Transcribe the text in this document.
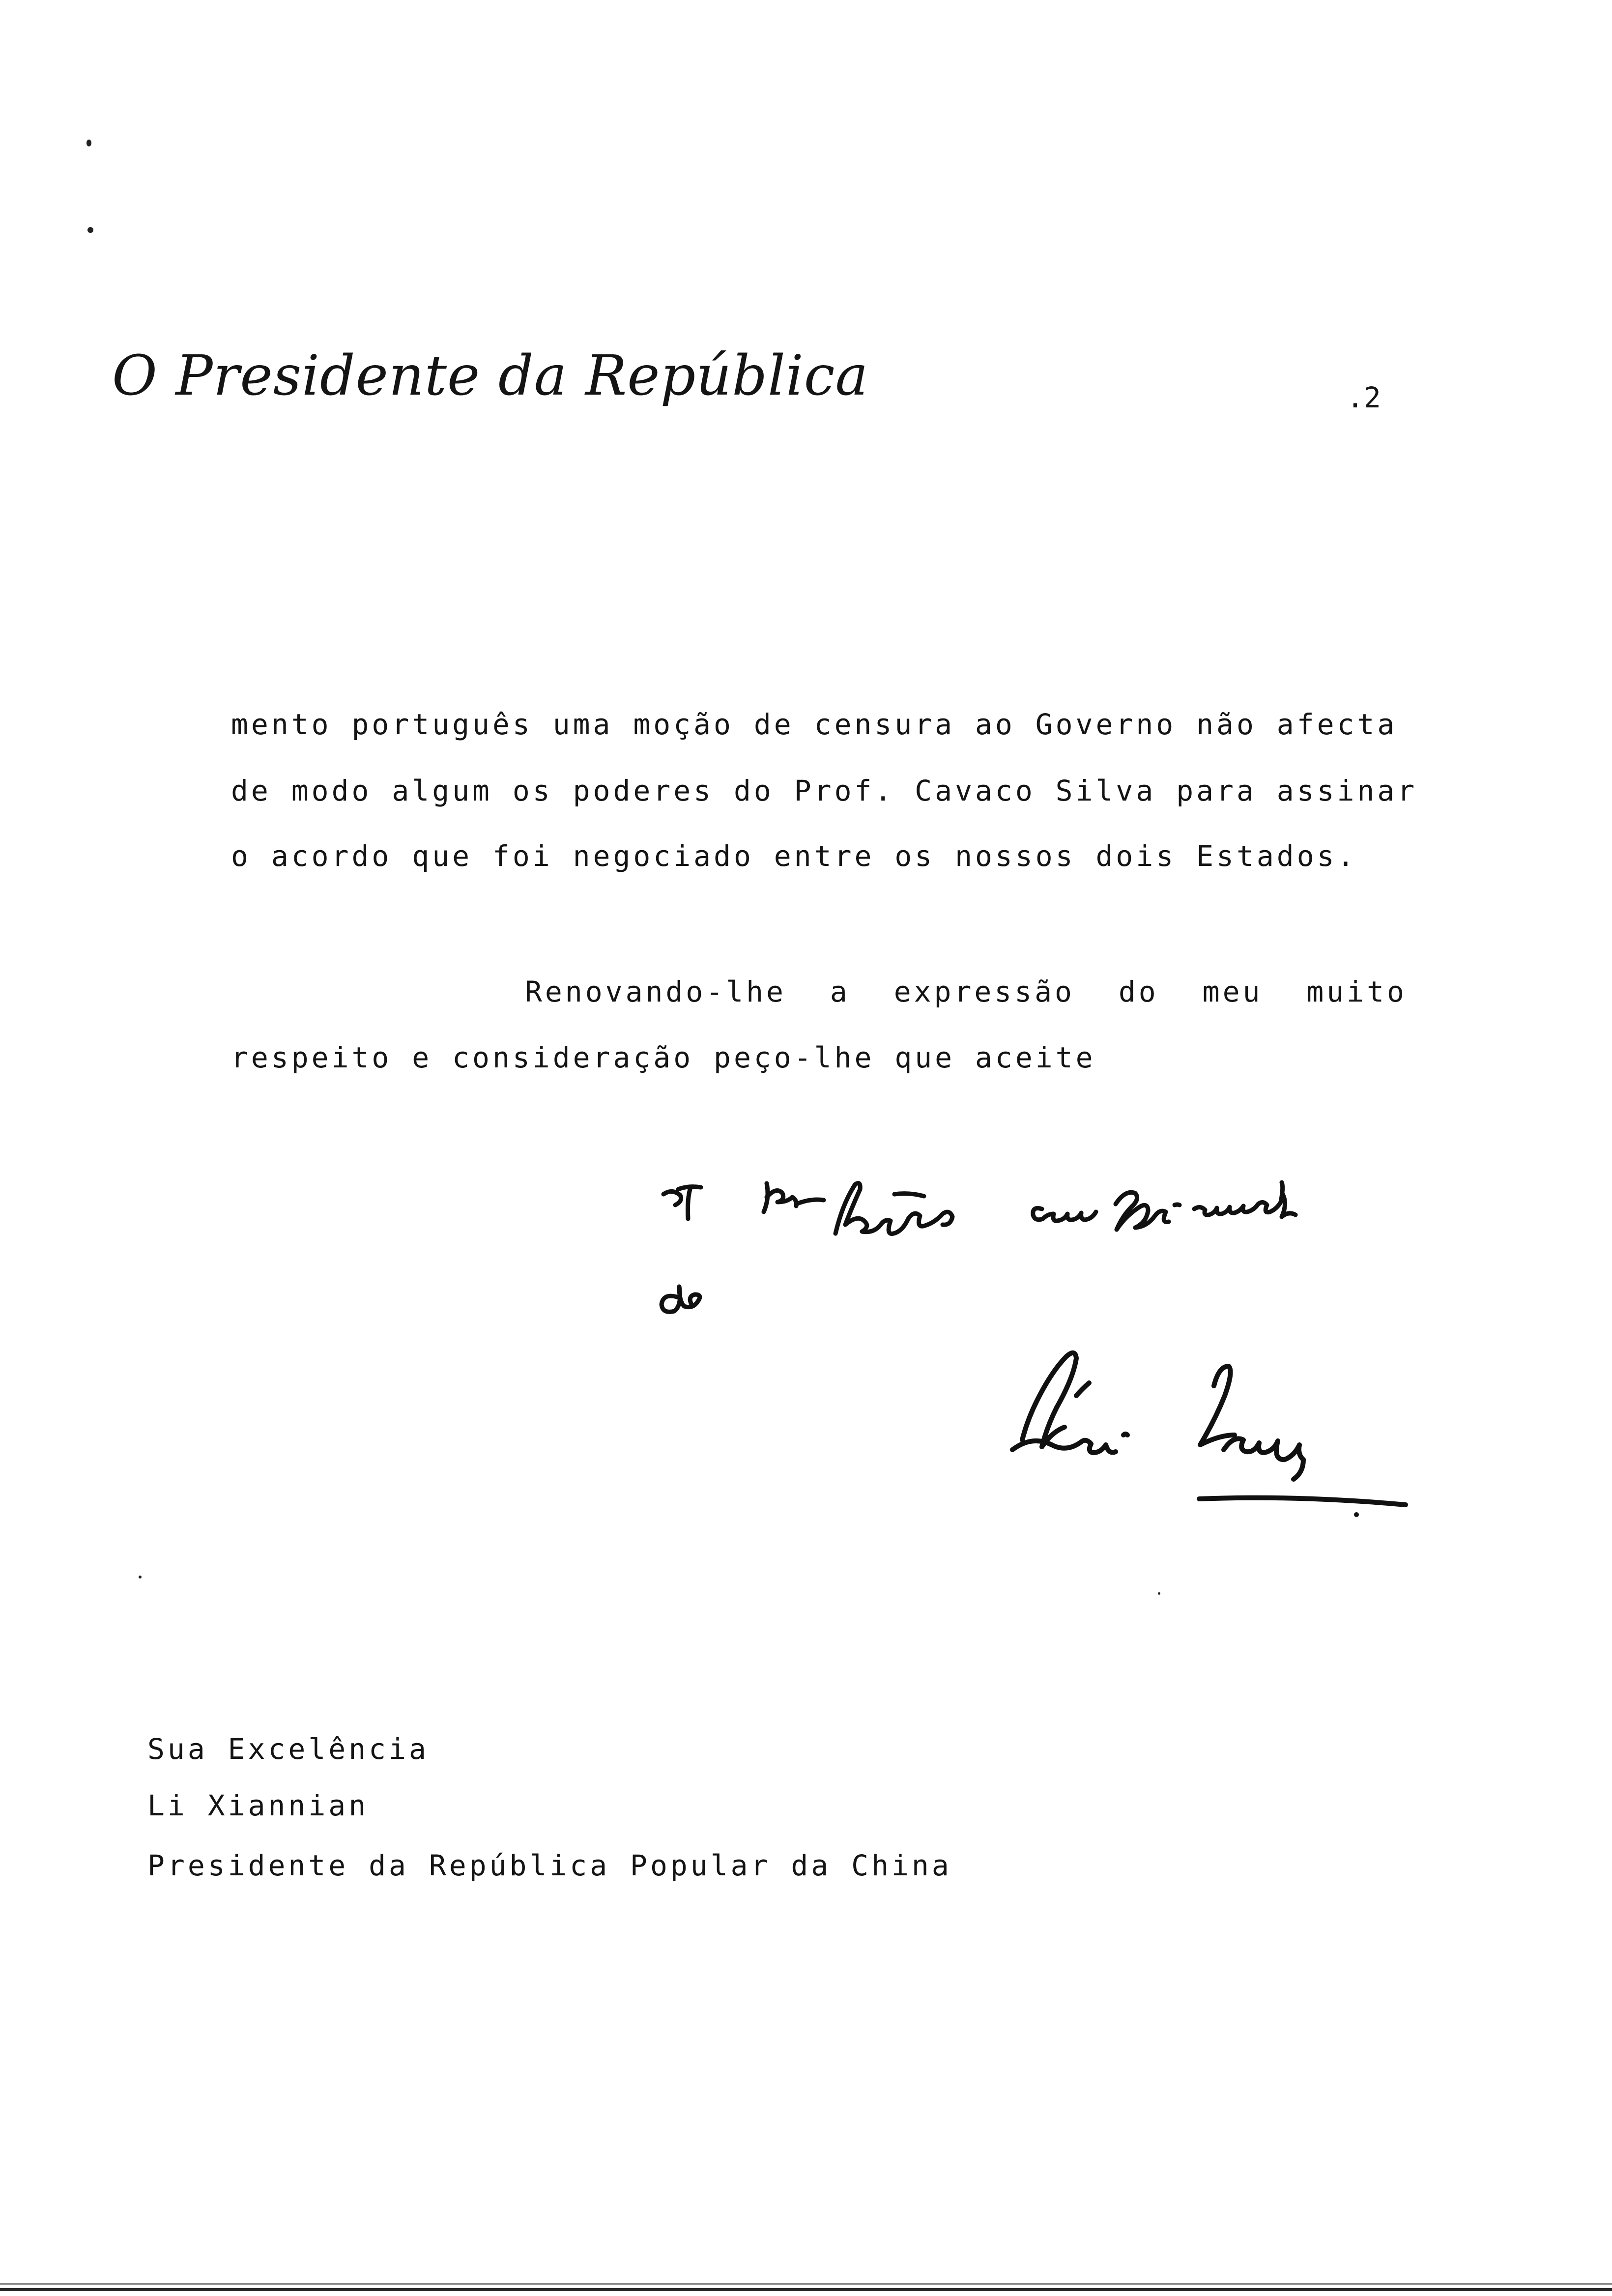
O Presidente da República	.2
mento português uma moção de censura ao Governo não afecta
de modo algum os poderes do Prof. Cavaco Silva para assinar
o acordo que foi negociado entre os nossos dois Estados.
Renovando-lhe a expressão do meu muito
respeito e consideração peço-lhe que aceite
Sua Excelência
Li Xiannian
Presidente da República Popular da China
